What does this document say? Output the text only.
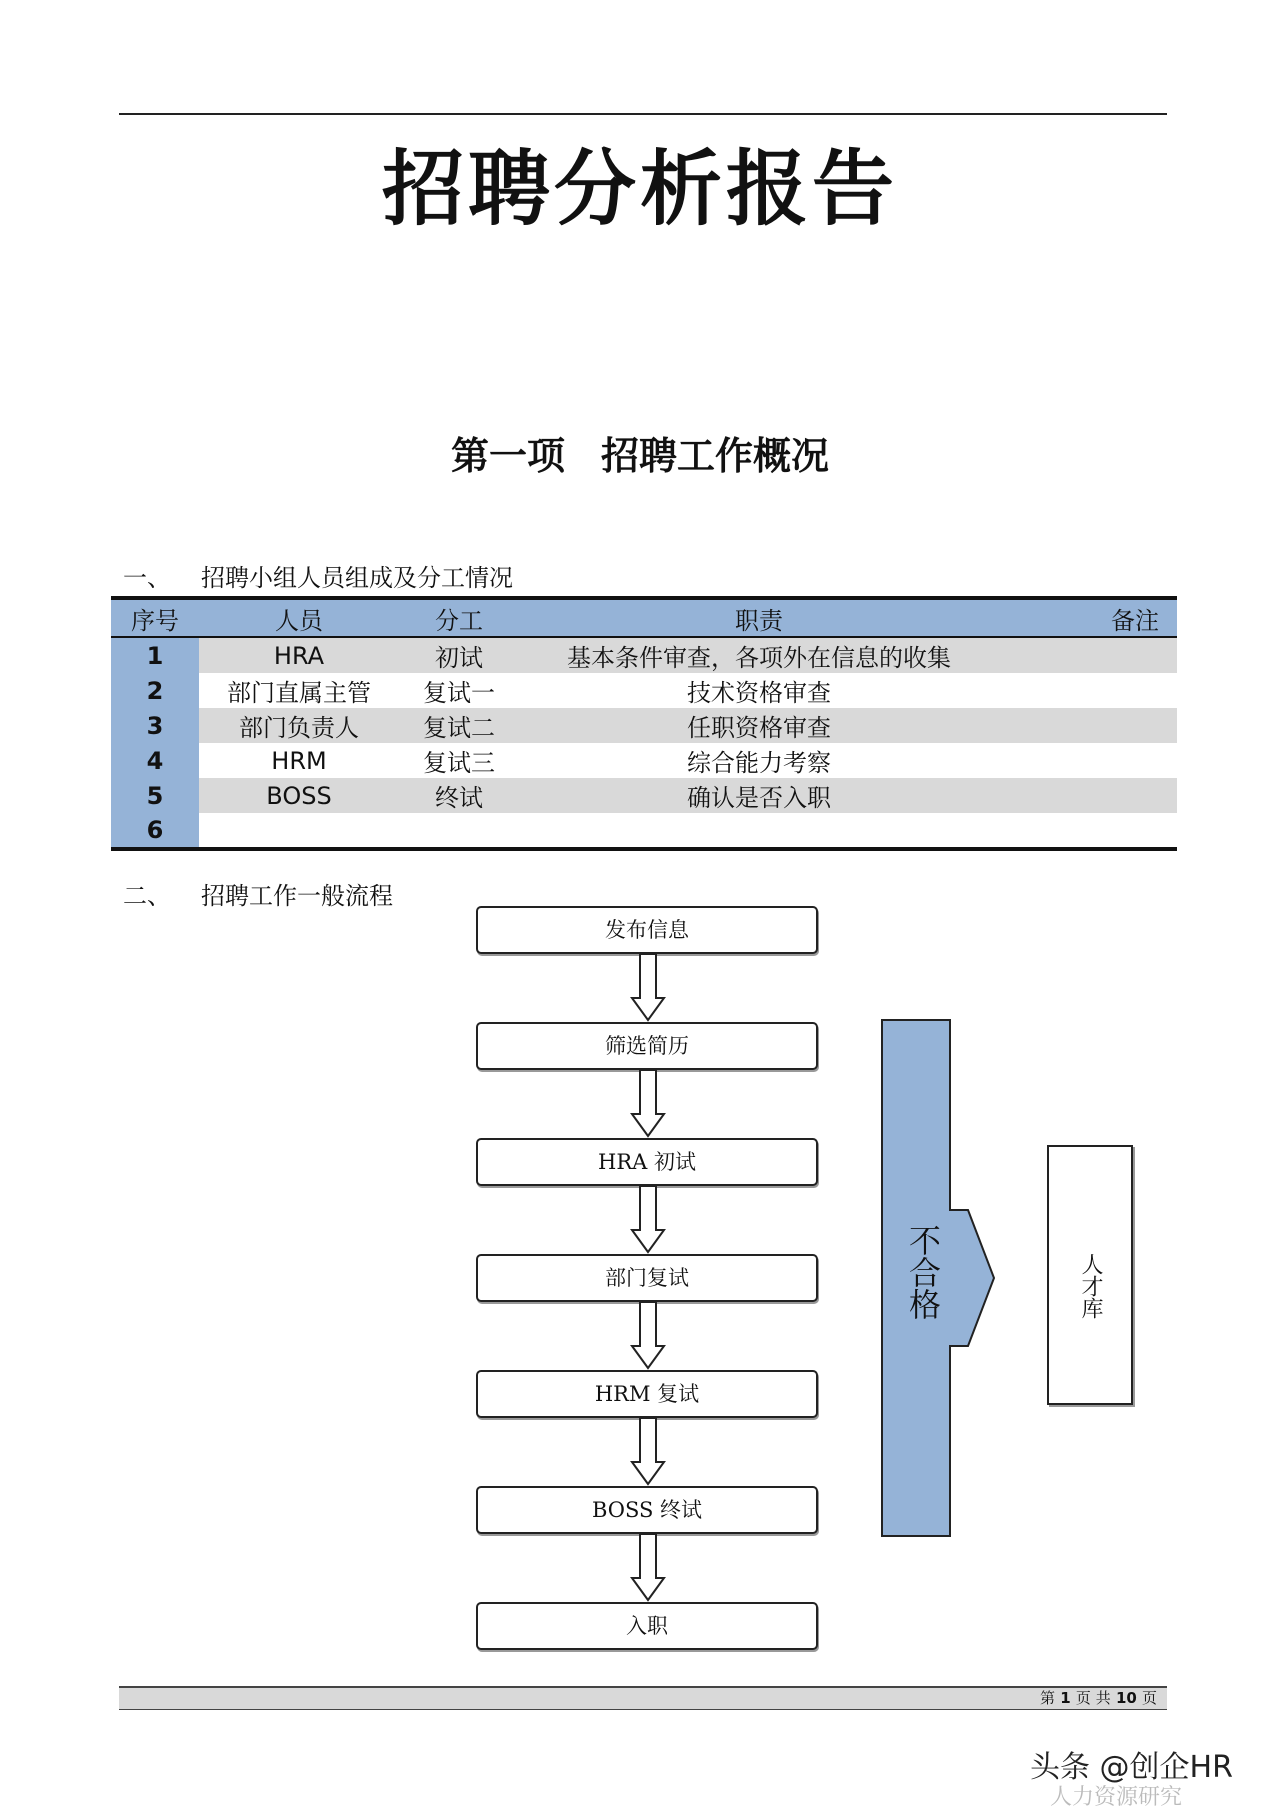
招聘分析报告
第一项 招聘工作概况
一、 招聘小组人员组成及分工情况
序号	人员	分工	职责	备注
1	HRA	初试	基本条件审查，各项外在信息的收集	
2	部门直属主管	复试一	技术资格审查	
3	部门负责人	复试二	任职资格审查	
4	HRM	复试三	综合能力考察	
5	BOSS	终试	确认是否入职	
6				
二、 招聘工作一般流程
发布信息
筛选简历
HRA 初试
部门复试
HRM 复试
BOSS 终试
入职
不合格	人才库
第 1 页 共 10 页
头条 @创企HR
人力资源研究
